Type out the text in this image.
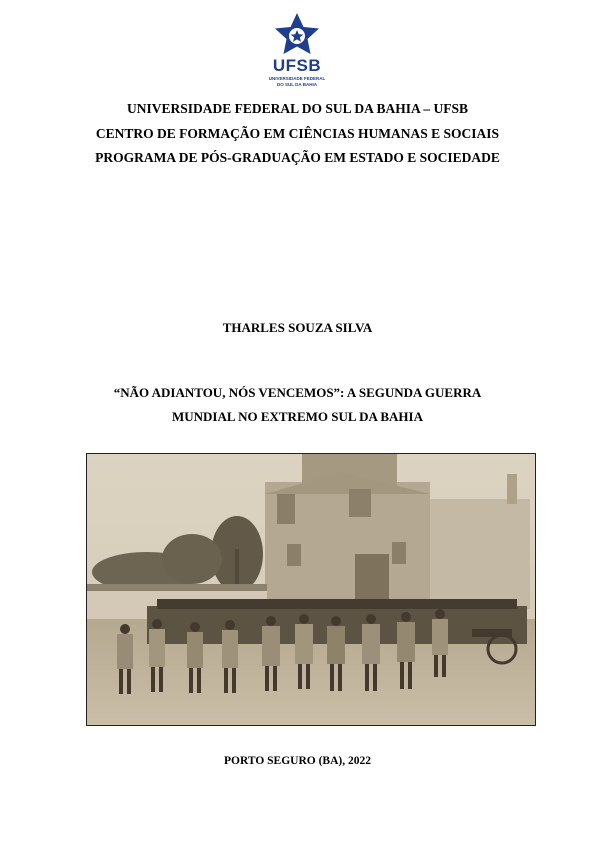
UFSB
UNIVERSIDADE FEDERAL
DO SUL DA BAHIA
UNIVERSIDADE FEDERAL DO SUL DA BAHIA – UFSB
CENTRO DE FORMAÇÃO EM CIÊNCIAS HUMANAS E SOCIAIS
PROGRAMA DE PÓS-GRADUAÇÃO EM ESTADO E SOCIEDADE
THARLES SOUZA SILVA
“NÃO ADIANTOU, NÓS VENCEMOS”: A SEGUNDA GUERRA
MUNDIAL NO EXTREMO SUL DA BAHIA
PORTO SEGURO (BA), 2022
